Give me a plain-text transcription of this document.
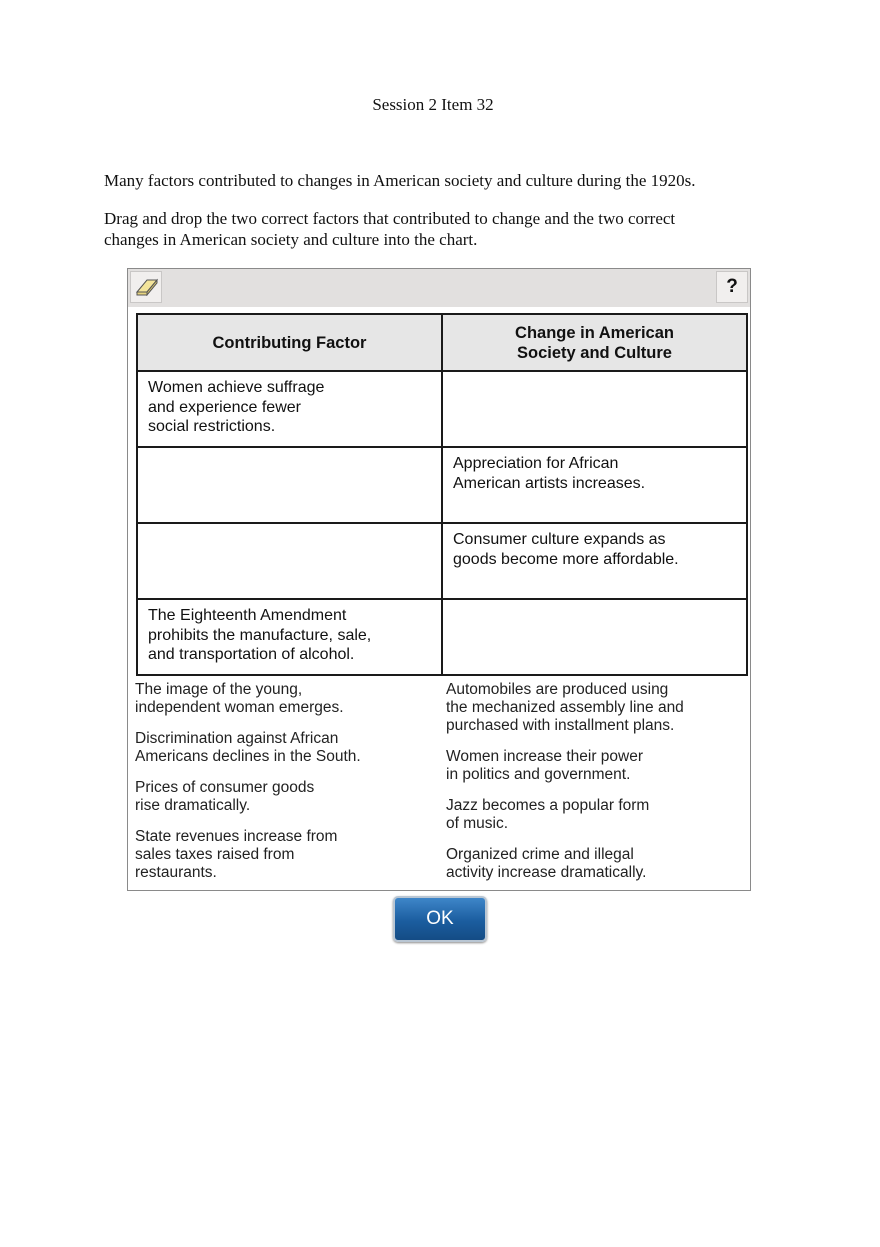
Session 2 Item 32
Many factors contributed to changes in American society and culture during the 1920s.
Drag and drop the two correct factors that contributed to change and the two correct
changes in American society and culture into the chart.
?
Contributing Factor	Change in American
Society and Culture

Women achieve suffrage
and experience fewer
social restrictions.	

	Appreciation for African
American artists increases.

	Consumer culture expands as
goods become more affordable.

The Eighteenth Amendment
prohibits the manufacture, sale,
and transportation of alcohol.	

The image of the young,
independent woman emerges.
Discrimination against African
Americans declines in the South.
Prices of consumer goods
rise dramatically.
State revenues increase from
sales taxes raised from
restaurants.
Automobiles are produced using
the mechanized assembly line and
purchased with installment plans.
Women increase their power
in politics and government.
Jazz becomes a popular form
of music.
Organized crime and illegal
activity increase dramatically.
OK
